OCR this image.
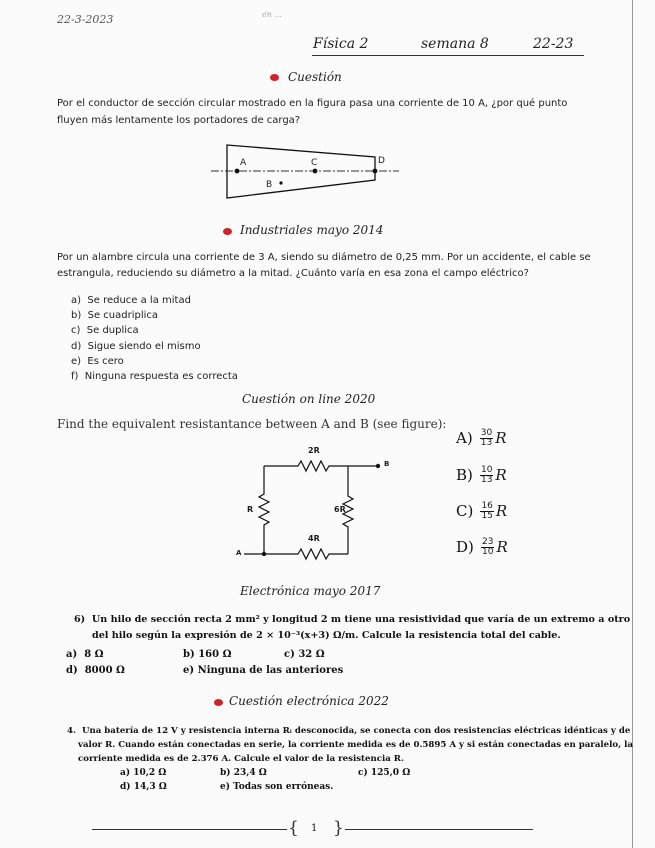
22-3-2023	en ...
Física 2	semana 8	22-23
Cuestión
Por el conductor de sección circular mostrado en la figura pasa una corriente de 10 A, ¿por qué punto
fluyen más lentamente los portadores de carga?
A	C	D
B
Industriales mayo 2014
Por un alambre circula una corriente de 3 A, siendo su diámetro de 0,25 mm. Por un accidente, el cable se
estrangula, reduciendo su diámetro a la mitad. ¿Cuánto varía en esa zona el campo eléctrico?
a) Se reduce a la mitad
b) Se cuadriplica
c) Se duplica
d) Sigue siendo el mismo
e) Es cero
f) Ninguna respuesta es correcta
Cuestión on line 2020
Find the equivalent resistantance between A and B (see figure):
2R
R	6R
4R
A
B
$A) \frac{30}{13}$ R
$B) \frac{10}{13}$ R
$C) \frac{16}{15}$ R
$D) \frac{23}{10}$ R
Electrónica mayo 2017
6) Un hilo de sección recta 2 mm² y longitud 2 m tiene una resistividad que varía de un extremo a otro
del hilo según la expresión de 2 × 10⁻³(x+3) Ω/m. Calcule la resistencia total del cable.
a) 8 Ω	b) 160 Ω	c) 32 Ω
d) 8000 Ω	e) Ninguna de las anteriores
Cuestión electrónica 2022
4. Una batería de 12 V y resistencia interna Rᵢ desconocida, se conecta con dos resistencias eléctricas idénticas y de
valor R. Cuando están conectadas en serie, la corriente medida es de 0.5895 A y si están conectadas en paralelo, la
corriente medida es de 2.376 A. Calcule el valor de la resistencia R.
a) 10,2 Ω	b) 23,4 Ω	c) 125,0 Ω
d) 14,3 Ω	e) Todas son erróneas.
{ }
1
